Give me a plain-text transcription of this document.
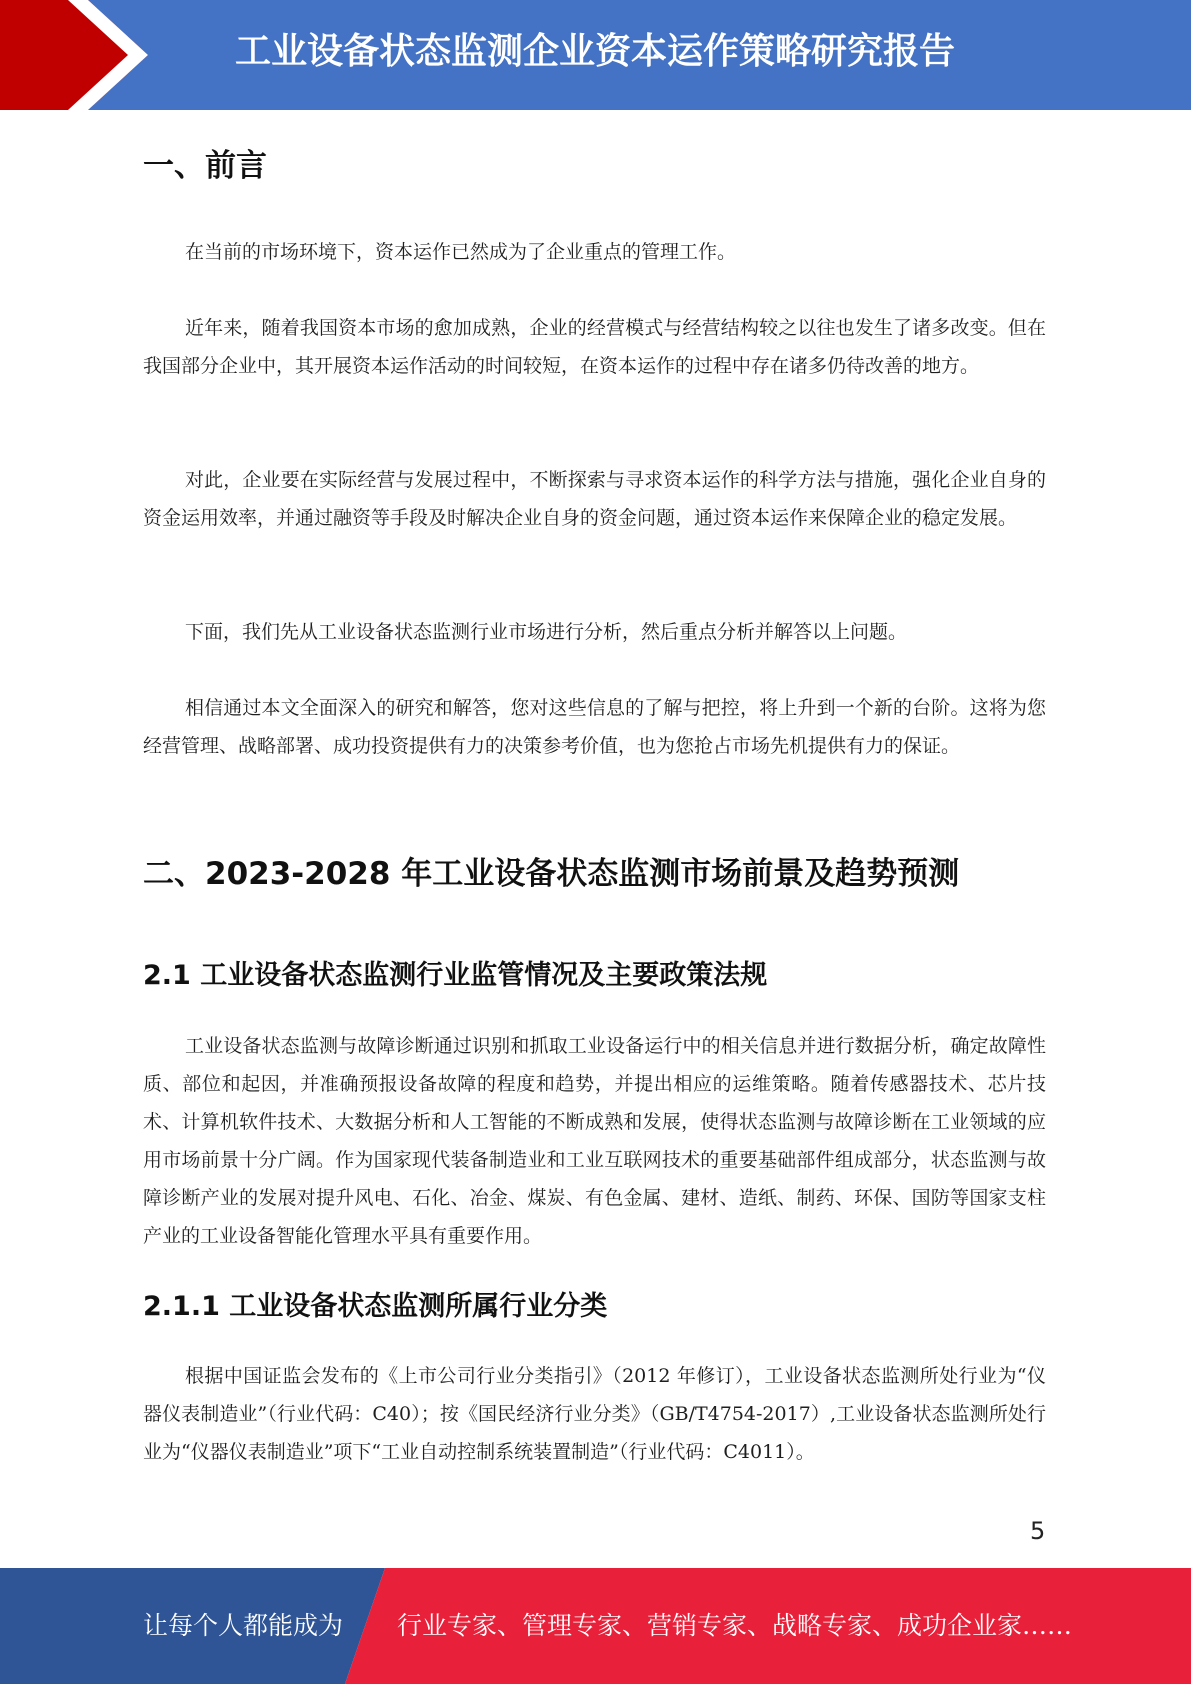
工业设备状态监测企业资本运作策略研究报告
一、前言

在当前的市场环境下，资本运作已然成为了企业重点的管理工作。

近年来，随着我国资本市场的愈加成熟，企业的经营模式与经营结构较之以往也发生了诸多改变。但在我国部分企业中，其开展资本运作活动的时间较短，在资本运作的过程中存在诸多仍待改善的地方。

对此，企业要在实际经营与发展过程中，不断探索与寻求资本运作的科学方法与措施，强化企业自身的资金运用效率，并通过融资等手段及时解决企业自身的资金问题，通过资本运作来保障企业的稳定发展。

下面，我们先从工业设备状态监测行业市场进行分析，然后重点分析并解答以上问题。

相信通过本文全面深入的研究和解答，您对这些信息的了解与把控，将上升到一个新的台阶。这将为您经营管理、战略部署、成功投资提供有力的决策参考价值，也为您抢占市场先机提供有力的保证。

二、2023-2028 年工业设备状态监测市场前景及趋势预测
2.1 工业设备状态监测行业监管情况及主要政策法规

工业设备状态监测与故障诊断通过识别和抓取工业设备运行中的相关信息并进行数据分析，确定故障性质、部位和起因，并准确预报设备故障的程度和趋势，并提出相应的运维策略。随着传感器技术、芯片技术、计算机软件技术、大数据分析和人工智能的不断成熟和发展，使得状态监测与故障诊断在工业领域的应用市场前景十分广阔。作为国家现代装备制造业和工业互联网技术的重要基础部件组成部分，状态监测与故障诊断产业的发展对提升风电、石化、冶金、煤炭、有色金属、建材、造纸、制药、环保、国防等国家支柱产业的工业设备智能化管理水平具有重要作用。

2.1.1 工业设备状态监测所属行业分类

根据中国证监会发布的《上市公司行业分类指引》（2012 年修订），工业设备状态监测所处行业为“仪器仪表制造业”（行业代码：C40）；按《国民经济行业分类》（GB/T4754-2017）,工业设备状态监测所处行业为“仪器仪表制造业”项下“工业自动控制系统装置制造”（行业代码：C4011）。

5
让每个人都能成为 行业专家、管理专家、营销专家、战略专家、成功企业家……
